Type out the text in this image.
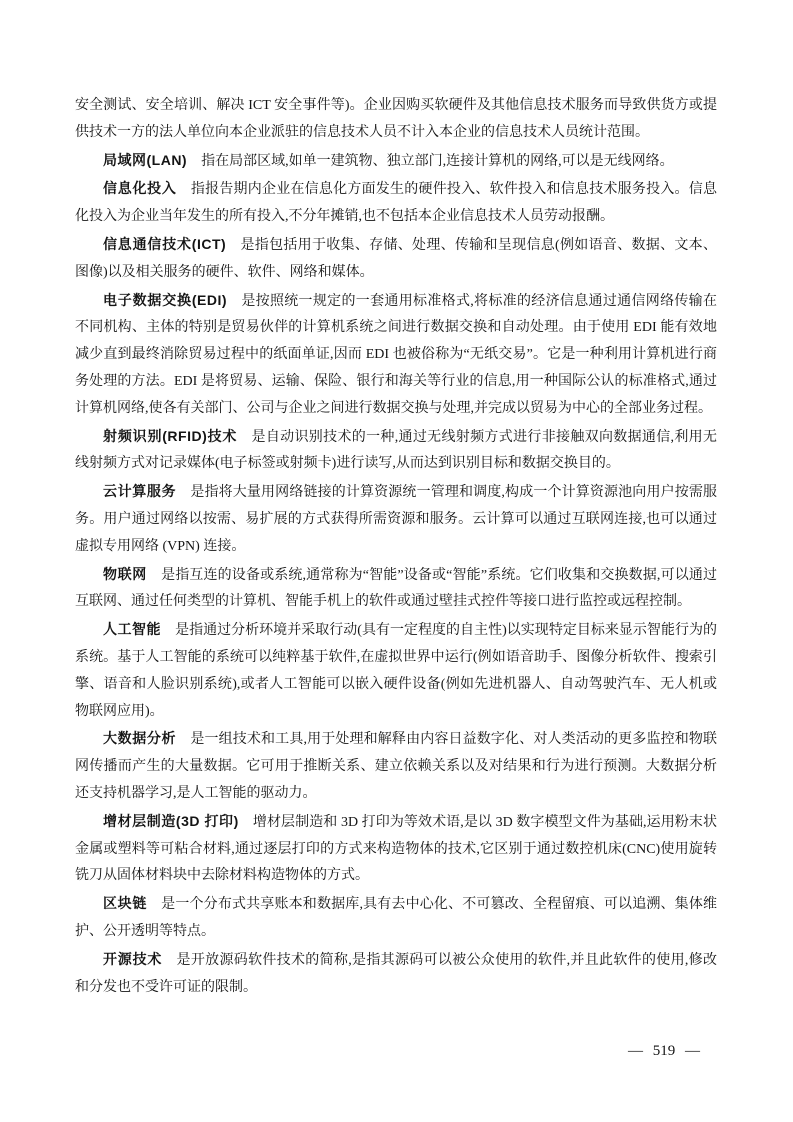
安全测试、安全培训、解决 ICT 安全事件等)。企业因购买软硬件及其他信息技术服务而导致供货方或提供技术一方的法人单位向本企业派驻的信息技术人员不计入本企业的信息技术人员统计范围。

局域网(LAN) 指在局部区域,如单一建筑物、独立部门,连接计算机的网络,可以是无线网络。

信息化投入 指报告期内企业在信息化方面发生的硬件投入、软件投入和信息技术服务投入。信息化投入为企业当年发生的所有投入,不分年摊销,也不包括本企业信息技术人员劳动报酬。

信息通信技术(ICT) 是指包括用于收集、存储、处理、传输和呈现信息(例如语音、数据、文本、图像)以及相关服务的硬件、软件、网络和媒体。

电子数据交换(EDI) 是按照统一规定的一套通用标准格式,将标准的经济信息通过通信网络传输在不同机构、主体的特别是贸易伙伴的计算机系统之间进行数据交换和自动处理。由于使用 EDI 能有效地减少直到最终消除贸易过程中的纸面单证,因而 EDI 也被俗称为“无纸交易”。它是一种利用计算机进行商务处理的方法。EDI 是将贸易、运输、保险、银行和海关等行业的信息,用一种国际公认的标准格式,通过计算机网络,使各有关部门、公司与企业之间进行数据交换与处理,并完成以贸易为中心的全部业务过程。

射频识别(RFID)技术 是自动识别技术的一种,通过无线射频方式进行非接触双向数据通信,利用无线射频方式对记录媒体(电子标签或射频卡)进行读写,从而达到识别目标和数据交换目的。

云计算服务 是指将大量用网络链接的计算资源统一管理和调度,构成一个计算资源池向用户按需服务。用户通过网络以按需、易扩展的方式获得所需资源和服务。云计算可以通过互联网连接,也可以通过虚拟专用网络 (VPN) 连接。

物联网 是指互连的设备或系统,通常称为“智能”设备或“智能”系统。它们收集和交换数据,可以通过互联网、通过任何类型的计算机、智能手机上的软件或通过壁挂式控件等接口进行监控或远程控制。

人工智能 是指通过分析环境并采取行动(具有一定程度的自主性)以实现特定目标来显示智能行为的系统。基于人工智能的系统可以纯粹基于软件,在虚拟世界中运行(例如语音助手、图像分析软件、搜索引擎、语音和人脸识别系统),或者人工智能可以嵌入硬件设备(例如先进机器人、自动驾驶汽车、无人机或物联网应用)。

大数据分析 是一组技术和工具,用于处理和解释由内容日益数字化、对人类活动的更多监控和物联网传播而产生的大量数据。它可用于推断关系、建立依赖关系以及对结果和行为进行预测。大数据分析还支持机器学习,是人工智能的驱动力。

增材层制造(3D 打印) 增材层制造和 3D 打印为等效术语,是以 3D 数字模型文件为基础,运用粉末状金属或塑料等可粘合材料,通过逐层打印的方式来构造物体的技术,它区别于通过数控机床(CNC)使用旋转铣刀从固体材料块中去除材料构造物体的方式。

区块链 是一个分布式共享账本和数据库,具有去中心化、不可篡改、全程留痕、可以追溯、集体维护、公开透明等特点。

开源技术 是开放源码软件技术的简称,是指其源码可以被公众使用的软件,并且此软件的使用,修改和分发也不受许可证的限制。

— 519 —
